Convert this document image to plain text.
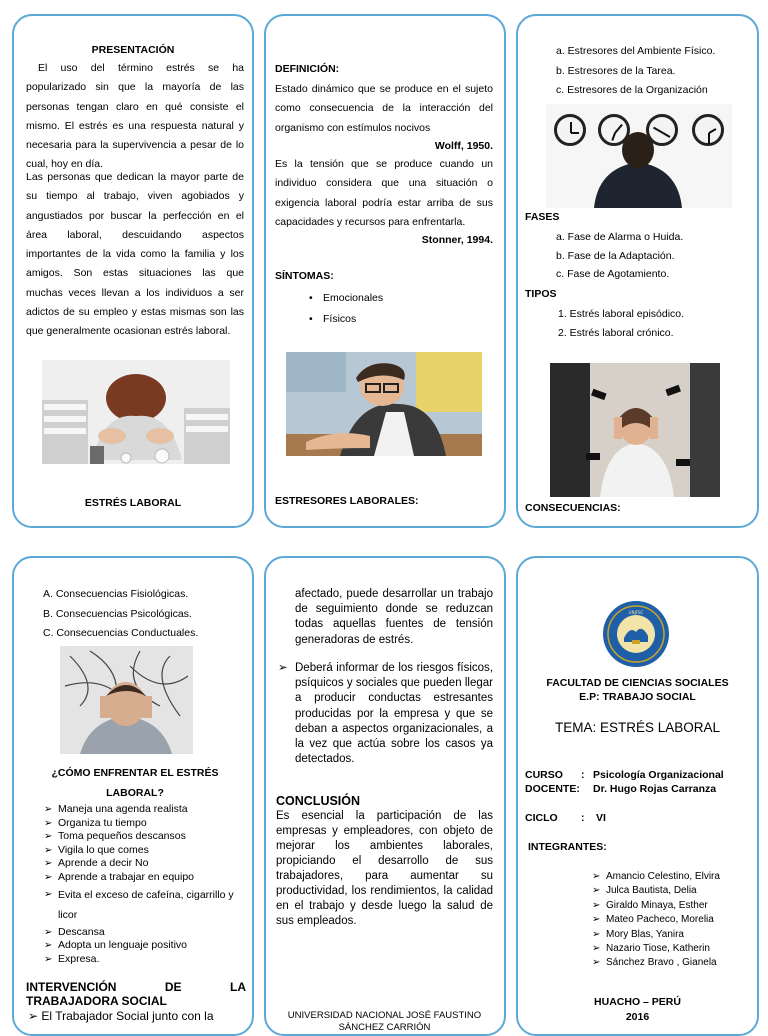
PRESENTACIÓN
El uso del término estrés se ha popularizado sin que la mayoría de las personas tengan claro en qué consiste el mismo. El estrés es una respuesta natural y necesaria para la supervivencia a pesar de lo cual, hoy en día.
Las personas que dedican la mayor parte de su tiempo al trabajo, viven agobiados y angustiados por buscar la perfección en el área laboral, descuidando aspectos importantes de la vida como la familia y los amigos. Son estas situaciones las que muchas veces llevan a los individuos a ser adictos de su empleo y estas mismas son las que generalmente ocasionan estrés laboral.
ESTRÉS LABORAL
DEFINICIÓN:
Estado dinámico que se produce en el sujeto como consecuencia de la interacción del organismo con estímulos nocivos
Wolff, 1950.
Es la tensión que se produce cuando un individuo considera que una situación o exigencia laboral podría estar arriba de sus capacidades y recursos para enfrentarla.
Stonner, 1994.
SÍNTOMAS:
• Emocionales
• Físicos
ESTRESORES LABORALES:
a. Estresores del Ambiente Físico.
b. Estresores de la Tarea.
c. Estresores de la Organización
FASES
a. Fase de Alarma o Huida.
b. Fase de la Adaptación.
c. Fase de Agotamiento.
TIPOS
1. Estrés laboral episódico.
2. Estrés laboral crónico.
CONSECUENCIAS:
A. Consecuencias Fisiológicas.
B. Consecuencias Psicológicas.
C. Consecuencias Conductuales.
¿CÓMO ENFRENTAR EL ESTRÉS LABORAL?
➢ Maneja una agenda realista
➢ Organiza tu tiempo
➢ Toma pequeños descansos
➢ Vigila lo que comes
➢ Aprende a decir No
➢ Aprende a trabajar en equipo
➢ Evita el exceso de cafeína, cigarrillo y licor
➢ Descansa
➢ Adopta un lenguaje positivo
➢ Expresa.
INTERVENCIÓN	DE	LA
TRABAJADORA SOCIAL
➢ El Trabajador Social junto con la
afectado, puede desarrollar un trabajo de seguimiento donde se reduzcan todas aquellas fuentes de tensión generadoras de estrés.
➢ Deberá informar de los riesgos físicos, psíquicos y sociales que pueden llegar a producir conductas estresantes producidas por la empresa y que se deban a aspectos organizacionales, a la vez que actúa sobre los casos ya detectados.
CONCLUSIÓN
Es esencial la participación de las empresas y empleadores, con objeto de mejorar los ambientes laborales, propiciando el desarrollo de sus trabajadores, para aumentar su productividad, los rendimientos, la calidad en el trabajo y desde luego la salud de sus empleados.
UNIVERSIDAD NACIONAL JOSÉ FAUSTINO SÁNCHEZ CARRIÓN
UNJFSC
FACULTAD DE CIENCIAS SOCIALES
E.P: TRABAJO SOCIAL
TEMA: ESTRÉS LABORAL
CURSO : Psicología Organizacional
DOCENTE: Dr. Hugo Rojas Carranza
CICLO : VI
INTEGRANTES:
➢ Amancio Celestino, Elvira
➢ Julca Bautista, Delia
➢ Giraldo Minaya, Esther
➢ Mateo Pacheco, Morelia
➢ Mory Blas, Yanira
➢ Nazario Tiose, Katherin
➢ Sánchez Bravo , Gianela
HUACHO – PERÚ
2016
